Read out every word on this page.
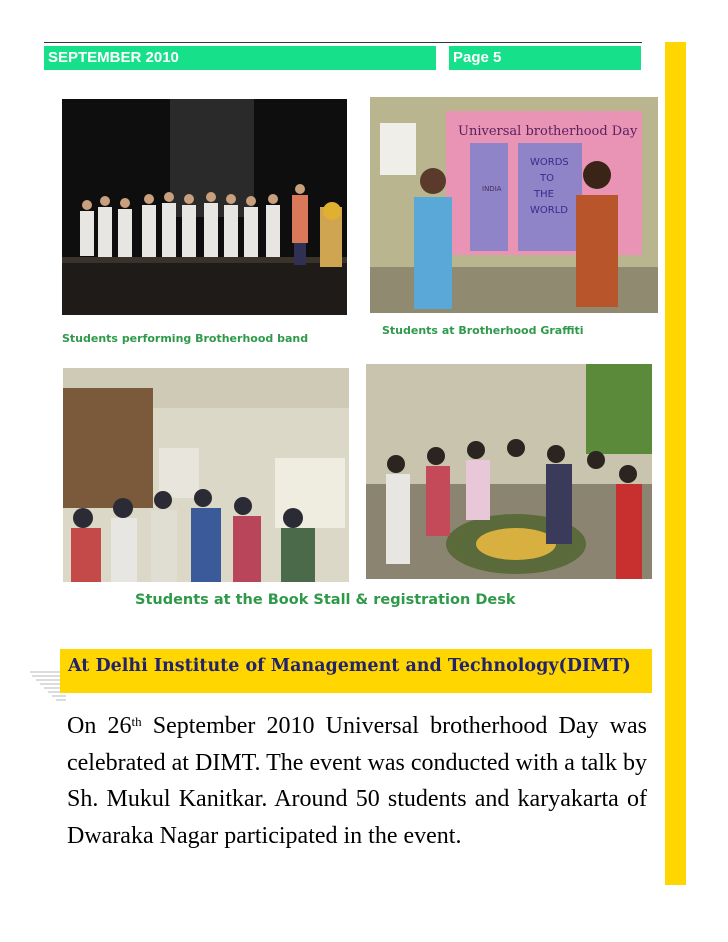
SEPTEMBER 2010	Page 5
Universal brotherhood Day
INDIA
WORDS
TO
THE
WORLD
Students performing Brotherhood band
Students at Brotherhood Graffiti
Students at the Book Stall & registration Desk
At Delhi Institute of Management and Technology(DIMT)
On 26th September 2010 Universal brotherhood Day was celebrated at DIMT. The event was conducted with a talk by Sh. Mukul Kanitkar. Around 50 students and karyakarta of Dwaraka Nagar participated in the event.
